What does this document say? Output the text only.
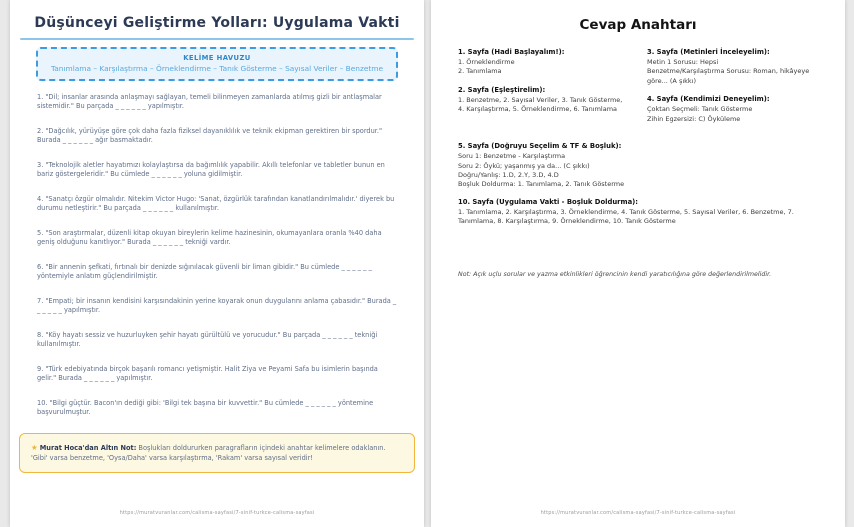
Düşünceyi Geliştirme Yolları: Uygulama Vakti
KELİME HAVUZU
Tanımlama – Karşılaştırma – Örneklendirme – Tanık Gösterme – Sayısal Veriler – Benzetme
1. "Dil; insanlar arasında anlaşmayı sağlayan, temeli bilinmeyen zamanlarda atılmış gizli bir antlaşmalar sistemidir." Bu parçada _ _ _ _ _ _ yapılmıştır.
2. "Dağcılık, yürüyüşe göre çok daha fazla fiziksel dayanıklılık ve teknik ekipman gerektiren bir spordur." Burada _ _ _ _ _ _ ağır basmaktadır.
3. "Teknolojik aletler hayatımızı kolaylaştırsa da bağımlılık yapabilir. Akıllı telefonlar ve tabletler bunun en bariz göstergeleridir." Bu cümlede _ _ _ _ _ _ yoluna gidilmiştir.
4. "Sanatçı özgür olmalıdır. Nitekim Victor Hugo: 'Sanat, özgürlük tarafından kanatlandırılmalıdır.' diyerek bu durumu netleştirir." Bu parçada _ _ _ _ _ _ kullanılmıştır.
5. "Son araştırmalar, düzenli kitap okuyan bireylerin kelime hazinesinin, okumayanlara oranla %40 daha geniş olduğunu kanıtlıyor." Burada _ _ _ _ _ _ tekniği vardır.
6. "Bir annenin şefkati, fırtınalı bir denizde sığınılacak güvenli bir liman gibidir." Bu cümlede _ _ _ _ _ _ yöntemiyle anlatım güçlendirilmiştir.
7. "Empati; bir insanın kendisini karşısındakinin yerine koyarak onun duygularını anlama çabasıdır." Burada _ _ _ _ _ _ yapılmıştır.
8. "Köy hayatı sessiz ve huzurluyken şehir hayatı gürültülü ve yorucudur." Bu parçada _ _ _ _ _ _ tekniği kullanılmıştır.
9. "Türk edebiyatında birçok başarılı romancı yetişmiştir. Halit Ziya ve Peyami Safa bu isimlerin başında gelir." Burada _ _ _ _ _ _ yapılmıştır.
10. "Bilgi güçtür. Bacon'ın dediği gibi: 'Bilgi tek başına bir kuvvettir." Bu cümlede _ _ _ _ _ _ yöntemine başvurulmuştur.
★ Murat Hoca'dan Altın Not: Boşlukları doldururken paragrafların içindeki anahtar kelimelere odaklanın. 'Gibi' varsa benzetme, 'Oysa/Daha' varsa karşılaştırma, 'Rakam' varsa sayısal veridir!
https://muratvuranlar.com/calisma-sayfasi/7-sinif-turkce-calisma-sayfasi
Cevap Anahtarı
1. Sayfa (Hadi Başlayalım!):
1. Örneklendirme
2. Tanımlama
2. Sayfa (Eşleştirelim):
1. Benzetme, 2. Sayısal Veriler, 3. Tanık Gösterme, 4. Karşılaştırma, 5. Örneklendirme, 6. Tanımlama
3. Sayfa (Metinleri İnceleyelim):
Metin 1 Sorusu: Hepsi
Benzetme/Karşılaştırma Sorusu: Roman, hikâyeye göre... (A şıkkı)
4. Sayfa (Kendimizi Deneyelim):
Çoktan Seçmeli: Tanık Gösterme
Zihin Egzersizi: C) Öyküleme
5. Sayfa (Doğruyu Seçelim & TF & Boşluk):
Soru 1: Benzetme - Karşılaştırma
Soru 2: Öykü; yaşanmış ya da... (C şıkkı)
Doğru/Yanlış: 1.D, 2.Y, 3.D, 4.D
Boşluk Doldurma: 1. Tanımlama, 2. Tanık Gösterme
10. Sayfa (Uygulama Vakti - Boşluk Doldurma):
1. Tanımlama, 2. Karşılaştırma, 3. Örneklendirme, 4. Tanık Gösterme, 5. Sayısal Veriler, 6. Benzetme, 7. Tanımlama, 8. Karşılaştırma, 9. Örneklendirme, 10. Tanık Gösterme
Not: Açık uçlu sorular ve yazma etkinlikleri öğrencinin kendi yaratıcılığına göre değerlendirilmelidir.
https://muratvuranlar.com/calisma-sayfasi/7-sinif-turkce-calisma-sayfasi
